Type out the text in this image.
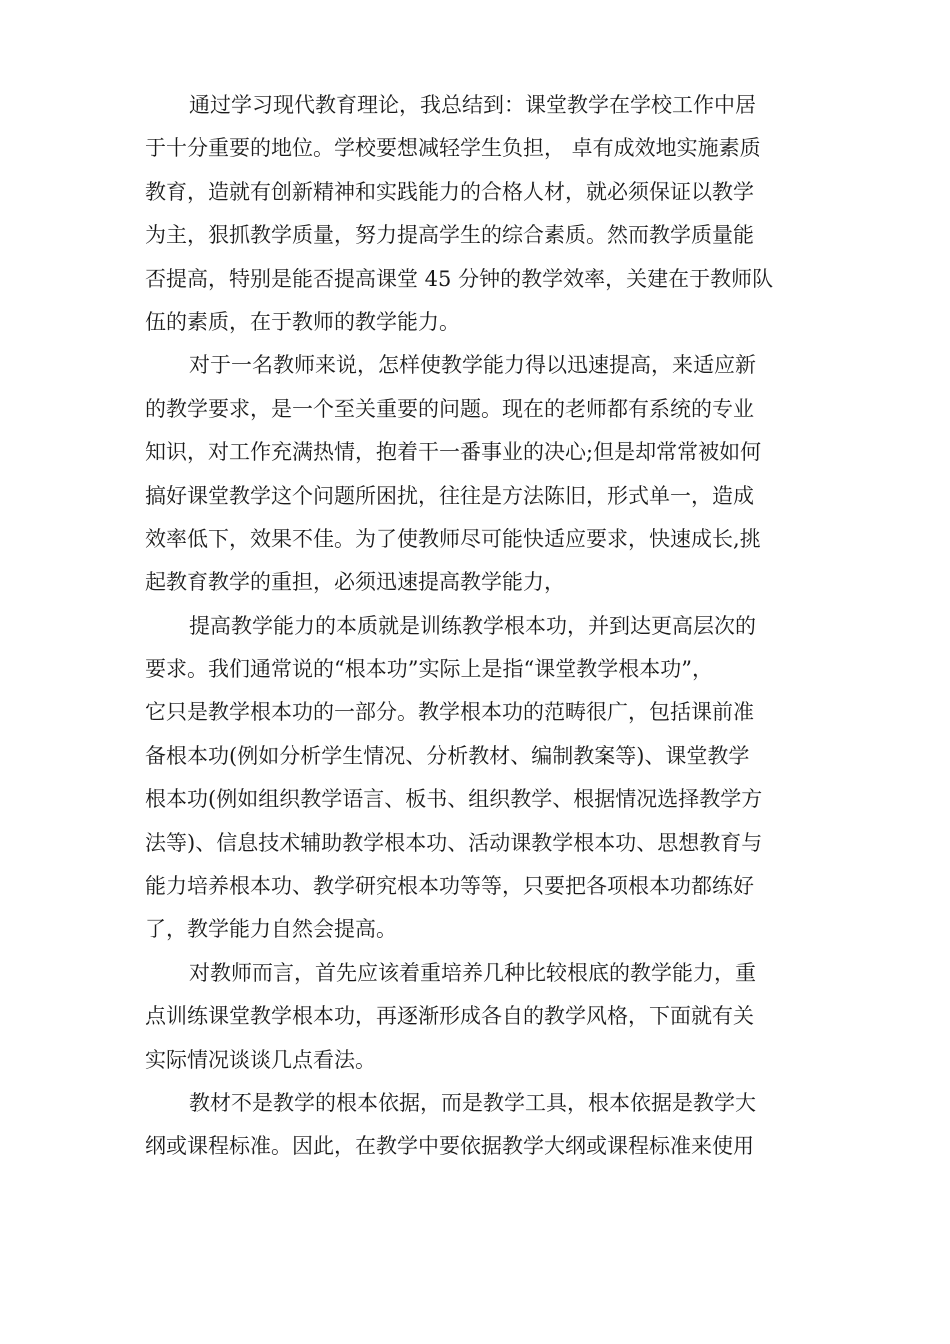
通过学习现代教育理论，我总结到：课堂教学在学校工作中居
于十分重要的地位。学校要想减轻学生负担， 卓有成效地实施素质
教育，造就有创新精神和实践能力的合格人材，就必须保证以教学
为主，狠抓教学质量，努力提高学生的综合素质。然而教学质量能
否提高，特别是能否提高课堂 45 分钟的教学效率，关建在于教师队
伍的素质，在于教师的教学能力。
对于一名教师来说，怎样使教学能力得以迅速提高，来适应新
的教学要求，是一个至关重要的问题。现在的老师都有系统的专业
知识，对工作充满热情，抱着干一番事业的决心;但是却常常被如何
搞好课堂教学这个问题所困扰，往往是方法陈旧，形式单一，造成
效率低下，效果不佳。为了使教师尽可能快适应要求，快速成长,挑
起教育教学的重担，必须迅速提高教学能力，
提高教学能力的本质就是训练教学根本功，并到达更高层次的
要求。我们通常说的“根本功”实际上是指“课堂教学根本功”，
它只是教学根本功的一部分。教学根本功的范畴很广，包括课前准
备根本功(例如分析学生情况、分析教材、编制教案等)、课堂教学
根本功(例如组织教学语言、板书、组织教学、根据情况选择教学方
法等)、信息技术辅助教学根本功、活动课教学根本功、思想教育与
能力培养根本功、教学研究根本功等等，只要把各项根本功都练好
了，教学能力自然会提高。
对教师而言，首先应该着重培养几种比较根底的教学能力，重
点训练课堂教学根本功，再逐渐形成各自的教学风格，下面就有关
实际情况谈谈几点看法。
教材不是教学的根本依据，而是教学工具，根本依据是教学大
纲或课程标准。因此，在教学中要依据教学大纲或课程标准来使用
